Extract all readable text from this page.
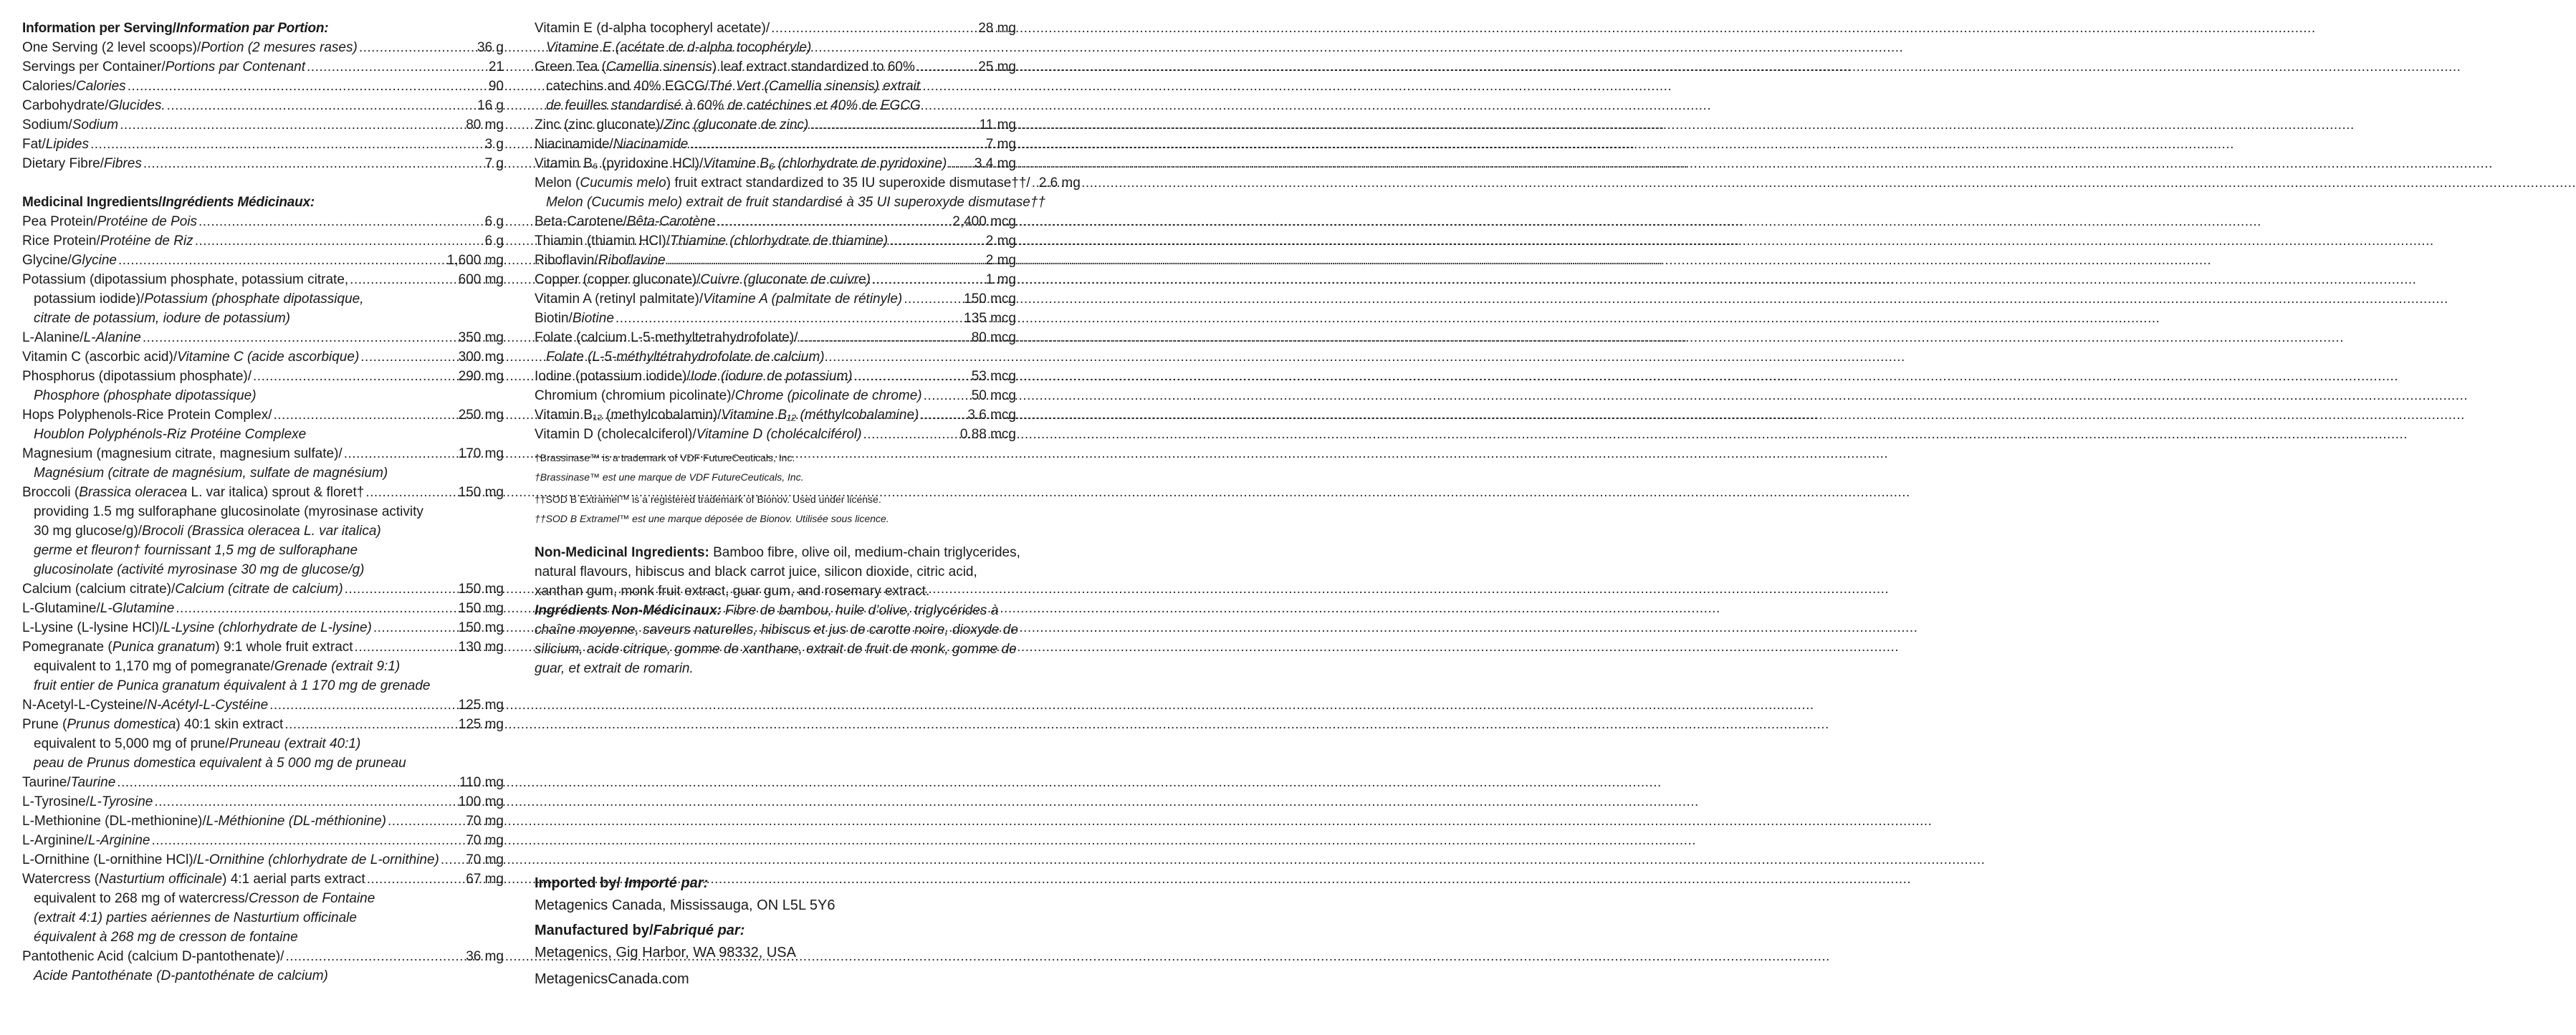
Information per Serving/Information par Portion:
One Serving (2 level scoops)/Portion (2 mesures rases) .....	36 g
Servings per Container/Portions par Contenant .....	21
Calories/Calories .....	90
Carbohydrate/Glucides. .....	16 g
Sodium/Sodium .....	80 mg
Fat/Lipides .....	3 g
Dietary Fibre/Fibres .....	7 g
Medicinal Ingredients/Ingrédients Médicinaux:
Pea Protein/Protéine de Pois .....	6 g
Rice Protein/Protéine de Riz .....	6 g
Glycine/Glycine .....	1,600 mg
Potassium (dipotassium phosphate, potassium citrate, .....	600 mg
potassium iodide)/Potassium (phosphate dipotassique,
citrate de potassium, iodure de potassium)
L-Alanine/L-Alanine .....	350 mg
Vitamin C (ascorbic acid)/Vitamine C (acide ascorbique) .....	300 mg
Phosphorus (dipotassium phosphate)/ .....	290 mg
Phosphore (phosphate dipotassique)
Hops Polyphenols-Rice Protein Complex/ .....	250 mg
Houblon Polyphénols-Riz Protéine Complexe
Magnesium (magnesium citrate, magnesium sulfate)/ .....	170 mg
Magnésium (citrate de magnésium, sulfate de magnésium)
Broccoli (Brassica oleracea L. var italica) sprout & floret† .....	150 mg
providing 1.5 mg sulforaphane glucosinolate (myrosinase activity
30 mg glucose/g)/Brocoli (Brassica oleracea L. var italica)
germe et fleuron† fournissant 1,5 mg de sulforaphane
glucosinolate (activité myrosinase 30 mg de glucose/g)
Calcium (calcium citrate)/Calcium (citrate de calcium) .....	150 mg
L-Glutamine/L-Glutamine .....	150 mg
L-Lysine (L-lysine HCl)/L-Lysine (chlorhydrate de L-lysine) .....	150 mg
Pomegranate (Punica granatum) 9:1 whole fruit extract .....	130 mg
equivalent to 1,170 mg of pomegranate/Grenade (extrait 9:1)
fruit entier de Punica granatum équivalent à 1 170 mg de grenade
N-Acetyl-L-Cysteine/N-Acétyl-L-Cystéine .....	125 mg
Prune (Prunus domestica) 40:1 skin extract .....	125 mg
equivalent to 5,000 mg of prune/Pruneau (extrait 40:1)
peau de Prunus domestica equivalent à 5 000 mg de pruneau
Taurine/Taurine .....	110 mg
L-Tyrosine/L-Tyrosine .....	100 mg
L-Methionine (DL-methionine)/L-Méthionine (DL-méthionine) .....	70 mg
L-Arginine/L-Arginine .....	70 mg
L-Ornithine (L-ornithine HCl)/L-Ornithine (chlorhydrate de L-ornithine) ..... 70 mg
Watercress (Nasturtium officinale) 4:1 aerial parts extract .....	67 mg
equivalent to 268 mg of watercress/Cresson de Fontaine
(extrait 4:1) parties aériennes de Nasturtium officinale
équivalent à 268 mg de cresson de fontaine
Pantothenic Acid (calcium D-pantothenate)/ .....	36 mg
Acide Pantothénate (D-pantothénate de calcium)
Vitamin E (d-alpha tocopheryl acetate)/ .....	28 mg
Vitamine E (acétate de d-alpha tocophéryle)
Green Tea (Camellia sinensis) leaf extract standardized to 60% .....	25 mg
catechins and 40% EGCG/Thé Vert (Camellia sinensis) extrait
de feuilles standardisé à 60% de catéchines et 40% de EGCG
Zinc (zinc gluconate)/Zinc (gluconate de zinc) .....	11 mg
Niacinamide/Niacinamide .....	7 mg
Vitamin B₆ (pyridoxine HCl)/Vitamine B₆ (chlorhydrate de pyridoxine) ..... 3.4 mg
Melon (Cucumis melo) fruit extract standardized to 35 IU superoxide dismutase††/ ..... 2.6 mg
Melon (Cucumis melo) extrait de fruit standardisé à 35 UI superoxyde dismutase††
Beta-Carotene/Bêta-Carotène .....	2,400 mcg
Thiamin (thiamin HCl)/Thiamine (chlorhydrate de thiamine) .....	2 mg
Riboflavin/Riboflavine .....	2 mg
Copper (copper gluconate)/Cuivre (gluconate de cuivre) .....	1 mg
Vitamin A (retinyl palmitate)/Vitamine A (palmitate de rétinyle) .....	150 mcg
Biotin/Biotine .....	135 mcg
Folate (calcium L-5-methyltetrahydrofolate)/ .....	80 mcg
Folate (L-5-méthyltétrahydrofolate de calcium)
Iodine (potassium iodide)/Iode (iodure de potassium) .....	53 mcg
Chromium (chromium picolinate)/Chrome (picolinate de chrome) .....	50 mcg
Vitamin B₁₂ (methylcobalamin)/Vitamine B₁₂ (méthylcobalamine) .....	3.6 mcg
Vitamin D (cholecalciferol)/Vitamine D (cholécalciférol) .....	0.88 mcg
†Brassinase™ is a trademark of VDF FutureCeuticals, Inc.
†Brassinase™ est une marque de VDF FutureCeuticals, Inc.
††SOD B Extramel™ is a registered trademark of Bionov. Used under license.
††SOD B Extramel™ est une marque déposée de Bionov. Utilisée sous licence.
Non-Medicinal Ingredients: Bamboo fibre, olive oil, medium-chain triglycerides,
natural flavours, hibiscus and black carrot juice, silicon dioxide, citric acid,
xanthan gum, monk fruit extract, guar gum, and rosemary extract.
Ingrédients Non-Médicinaux: Fibre de bambou, huile d’olive, triglycérides à
chaîne moyenne, saveurs naturelles, hibiscus et jus de carotte noire, dioxyde de
silicium, acide citrique, gomme de xanthane, extrait de fruit de monk, gomme de
guar, et extrait de romarin.
Imported by/ Importé par:
Metagenics Canada, Mississauga, ON L5L 5Y6
Manufactured by/Fabriqué par:
Metagenics, Gig Harbor, WA 98332, USA
MetagenicsCanada.com
